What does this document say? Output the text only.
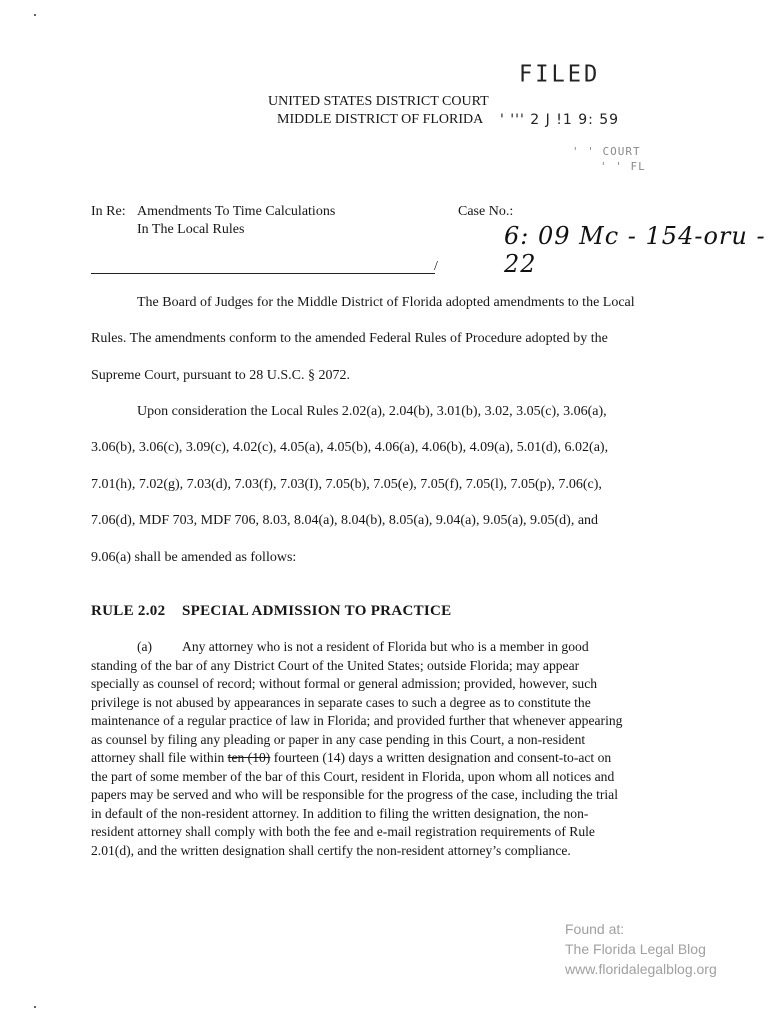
FILED
' ''' 2 J !1 9: 59
' ' COURT
' ' FL
UNITED STATES DISTRICT COURT
MIDDLE DISTRICT OF FLORIDA
In Re: Amendments To Time Calculations
In The Local Rules
Case No.:
6: 09 Mc - 154-oru - 22
/
The Board of Judges for the Middle District of Florida adopted amendments to the Local
Rules. The amendments conform to the amended Federal Rules of Procedure adopted by the
Supreme Court, pursuant to 28 U.S.C. § 2072.
Upon consideration the Local Rules 2.02(a), 2.04(b), 3.01(b), 3.02, 3.05(c), 3.06(a),
3.06(b), 3.06(c), 3.09(c), 4.02(c), 4.05(a), 4.05(b), 4.06(a), 4.06(b), 4.09(a), 5.01(d), 6.02(a),
7.01(h), 7.02(g), 7.03(d), 7.03(f), 7.03(I), 7.05(b), 7.05(e), 7.05(f), 7.05(l), 7.05(p), 7.06(c),
7.06(d), MDF 703, MDF 706, 8.03, 8.04(a), 8.04(b), 8.05(a), 9.04(a), 9.05(a), 9.05(d), and
9.06(a) shall be amended as follows:
RULE 2.02 SPECIAL ADMISSION TO PRACTICE
(a) Any attorney who is not a resident of Florida but who is a member in good
standing of the bar of any District Court of the United States; outside Florida; may appear
specially as counsel of record; without formal or general admission; provided, however, such
privilege is not abused by appearances in separate cases to such a degree as to constitute the
maintenance of a regular practice of law in Florida; and provided further that whenever appearing
as counsel by filing any pleading or paper in any case pending in this Court, a non-resident
attorney shall file within ten (10) fourteen (14) days a written designation and consent-to-act on
the part of some member of the bar of this Court, resident in Florida, upon whom all notices and
papers may be served and who will be responsible for the progress of the case, including the trial
in default of the non-resident attorney. In addition to filing the written designation, the non-
resident attorney shall comply with both the fee and e-mail registration requirements of Rule
2.01(d), and the written designation shall certify the non-resident attorney’s compliance.
Found at:
The Florida Legal Blog
www.floridalegalblog.org
